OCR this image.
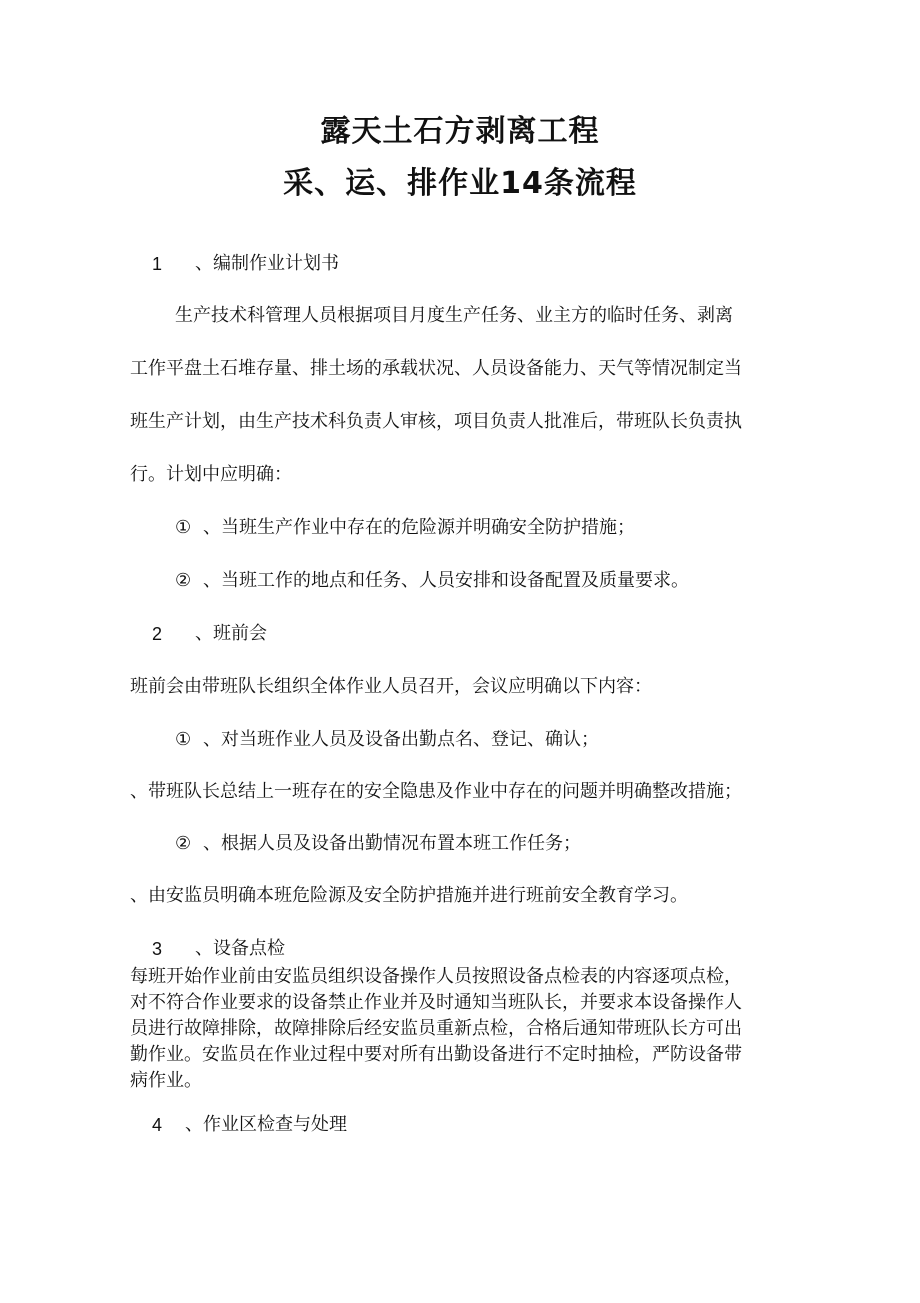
露天土石方剥离工程
采、运、排作业14条流程
1 、编制作业计划书

生产技术科管理人员根据项目月度生产任务、业主方的临时任务、剥离

工作平盘土石堆存量、排土场的承载状况、人员设备能力、天气等情况制定当

班生产计划，由生产技术科负责人审核，项目负责人批准后，带班队长负责执

行。计划中应明确：

① 、当班生产作业中存在的危险源并明确安全防护措施；
② 、当班工作的地点和任务、人员安排和设备配置及质量要求。
2 、班前会

班前会由带班队长组织全体作业人员召开，会议应明确以下内容：

① 、对当班作业人员及设备出勤点名、登记、确认；

、带班队长总结上一班存在的安全隐患及作业中存在的问题并明确整改措施；

② 、根据人员及设备出勤情况布置本班工作任务；

、由安监员明确本班危险源及安全防护措施并进行班前安全教育学习。

3 、设备点检

每班开始作业前由安监员组织设备操作人员按照设备点检表的内容逐项点检，

对不符合作业要求的设备禁止作业并及时通知当班队长，并要求本设备操作人

员进行故障排除，故障排除后经安监员重新点检，合格后通知带班队长方可出

勤作业。安监员在作业过程中要对所有出勤设备进行不定时抽检，严防设备带

病作业。

4 、作业区检查与处理
